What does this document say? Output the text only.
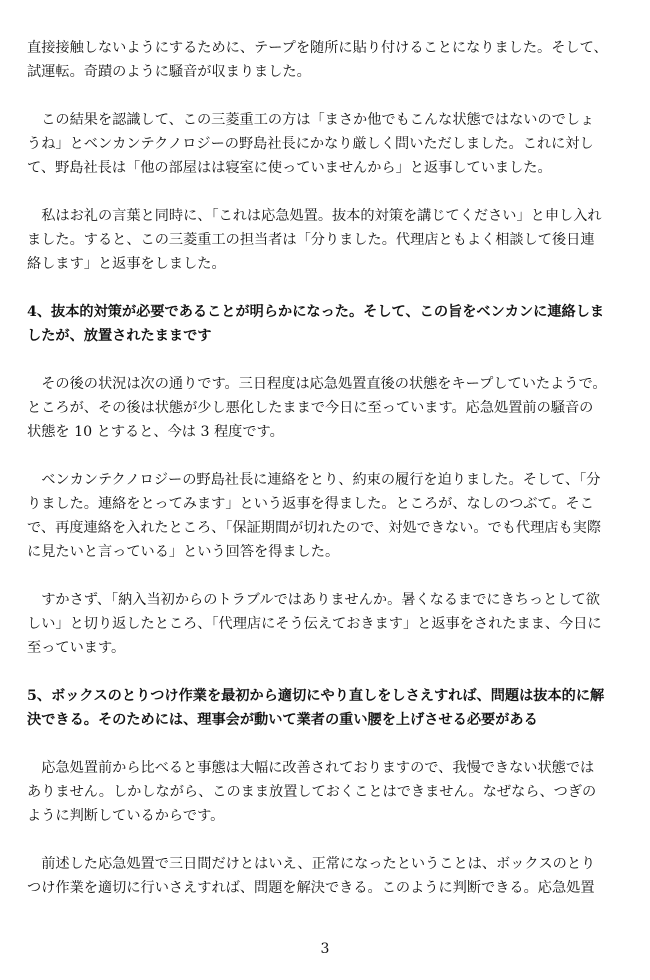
直接接触しないようにするために、テープを随所に貼り付けることになりました。そして、
試運転。奇蹟のように騒音が収まりました。

　この結果を認識して、この三菱重工の方は「まさか他でもこんな状態ではないのでしょ
うね」とベンカンテクノロジーの野島社長にかなり厳しく問いただしました。これに対し
て、野島社長は「他の部屋はは寝室に使っていませんから」と返事していました。

　私はお礼の言葉と同時に、「これは応急処置。抜本的対策を講じてください」と申し入れ
ました。すると、この三菱重工の担当者は「分りました。代理店ともよく相談して後日連
絡します」と返事をしました。

4、抜本的対策が必要であることが明らかになった。そして、この旨をベンカンに連絡しま
したが、放置されたままです

　その後の状況は次の通りです。三日程度は応急処置直後の状態をキープしていたようで。
ところが、その後は状態が少し悪化したままで今日に至っています。応急処置前の騒音の
状態を 10 とすると、今は 3 程度です。

　ベンカンテクノロジーの野島社長に連絡をとり、約束の履行を迫りました。そして、「分
りました。連絡をとってみます」という返事を得ました。ところが、なしのつぶて。そこ
で、再度連絡を入れたところ、「保証期間が切れたので、対処できない。でも代理店も実際
に見たいと言っている」という回答を得ました。

　すかさず、「納入当初からのトラブルではありませんか。暑くなるまでにきちっとして欲
しい」と切り返したところ、「代理店にそう伝えておきます」と返事をされたまま、今日に
至っています。

5、ボックスのとりつけ作業を最初から適切にやり直しをしさえすれば、問題は抜本的に解
決できる。そのためには、理事会が動いて業者の重い腰を上げさせる必要がある

　応急処置前から比べると事態は大幅に改善されておりますので、我慢できない状態では
ありません。しかしながら、このまま放置しておくことはできません。なぜなら、つぎの
ように判断しているからです。

　前述した応急処置で三日間だけとはいえ、正常になったということは、ボックスのとり
つけ作業を適切に行いさえすれば、問題を解決できる。このように判断できる。応急処置

3
